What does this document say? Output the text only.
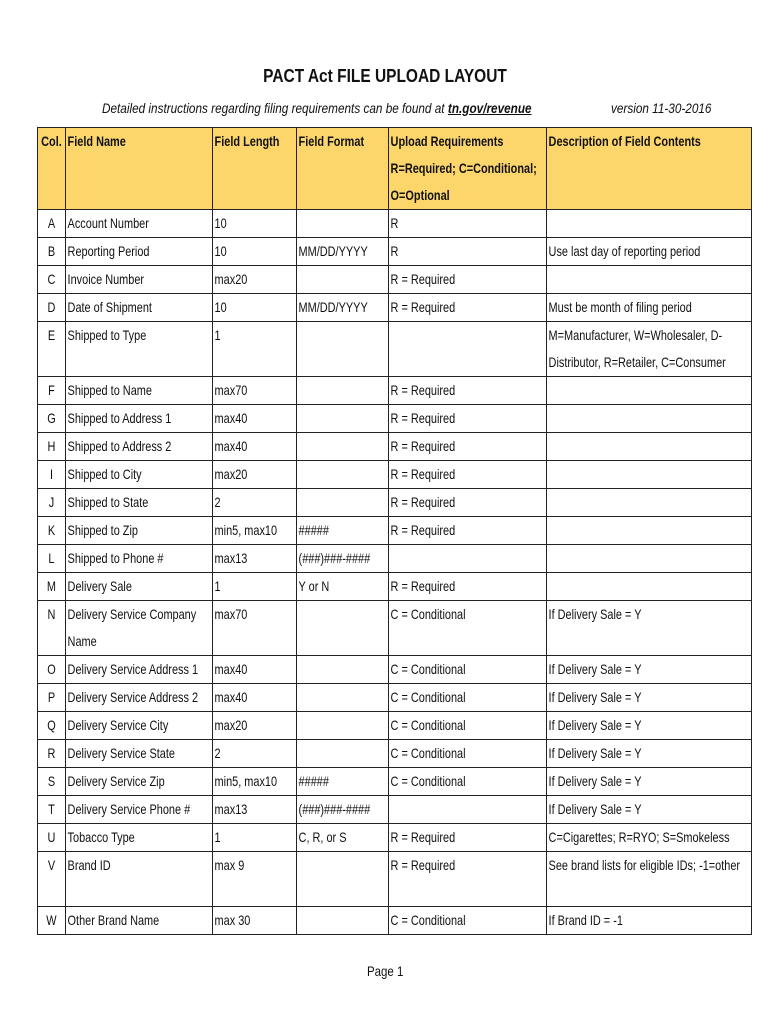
PACT Act FILE UPLOAD LAYOUT
Detailed instructions regarding filing requirements can be found at tn.gov/revenue	version 11-30-2016
Col.	Field Name	Field Length	Field Format	Upload Requirements R=Required; C=Conditional; O=Optional	Description of Field Contents

A	Account Number	10		R	

B	Reporting Period	10	MM/DD/YYYY	R	Use last day of reporting period

C	Invoice Number	max20		R = Required	

D	Date of Shipment	10	MM/DD/YYYY	R = Required	Must be month of filing period

E	Shipped to Type	1			M=Manufacturer, W=Wholesaler, D-Distributor, R=Retailer, C=Consumer

F	Shipped to Name	max70		R = Required	

G	Shipped to Address 1	max40		R = Required	

H	Shipped to Address 2	max40		R = Required	

I	Shipped to City	max20		R = Required	

J	Shipped to State	2		R = Required	

K	Shipped to Zip	min5, max10	#####	R = Required	

L	Shipped to Phone #	max13	(###)###-####		

M	Delivery Sale	1	Y or N	R = Required	

N	Delivery Service Company Name	max70		C = Conditional	If Delivery Sale = Y

O	Delivery Service Address 1	max40		C = Conditional	If Delivery Sale = Y

P	Delivery Service Address 2	max40		C = Conditional	If Delivery Sale = Y

Q	Delivery Service City	max20		C = Conditional	If Delivery Sale = Y

R	Delivery Service State	2		C = Conditional	If Delivery Sale = Y

S	Delivery Service Zip	min5, max10	#####	C = Conditional	If Delivery Sale = Y

T	Delivery Service Phone #	max13	(###)###-####		If Delivery Sale = Y

U	Tobacco Type	1	C, R, or S	R = Required	C=Cigarettes; R=RYO; S=Smokeless

V	Brand ID	max 9		R = Required	See brand lists for eligible IDs; -1=other

W	Other Brand Name	max 30		C = Conditional	If Brand ID = -1
Page 1
